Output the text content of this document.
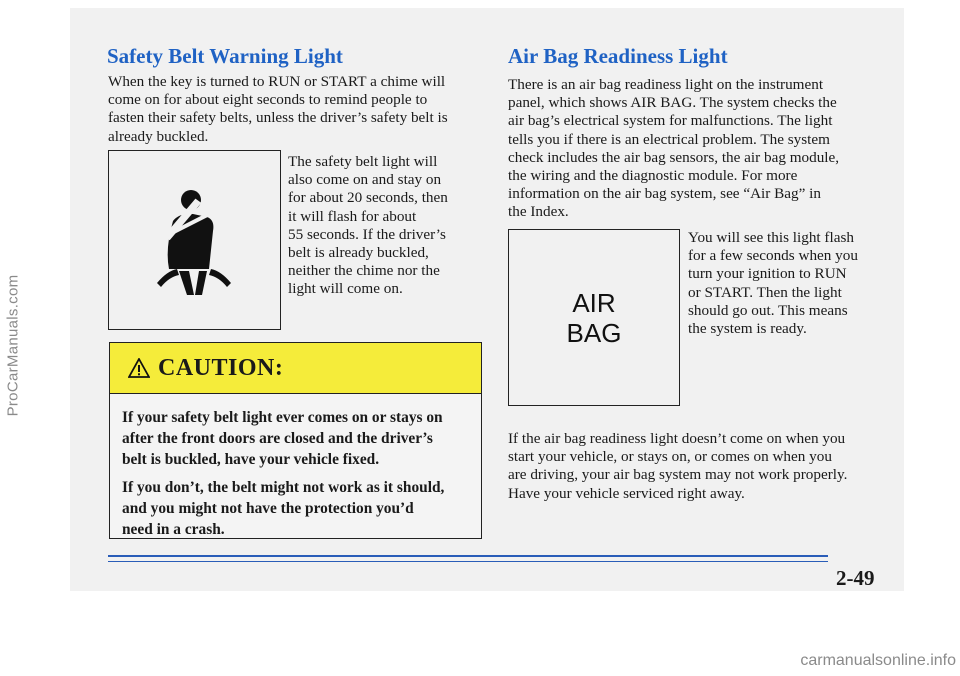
ProCarManuals.com
Safety Belt Warning Light
When the key is turned to RUN or START a chime will
come on for about eight seconds to remind people to
fasten their safety belts, unless the driver’s safety belt is
already buckled.
The safety belt light will
also come on and stay on
for about 20 seconds, then
it will flash for about
55 seconds. If the driver’s
belt is already buckled,
neither the chime nor the
light will come on.
CAUTION:

If your safety belt light ever comes on or stays on
after the front doors are closed and the driver’s
belt is buckled, have your vehicle fixed.

If you don’t, the belt might not work as it should,
and you might not have the protection you’d
need in a crash.

Air Bag Readiness Light
There is an air bag readiness light on the instrument
panel, which shows AIR BAG. The system checks the
air bag’s electrical system for malfunctions. The light
tells you if there is an electrical problem. The system
check includes the air bag sensors, the air bag module,
the wiring and the diagnostic module. For more
information on the air bag system, see “Air Bag” in
the Index.
AIR
BAG
You will see this light flash
for a few seconds when you
turn your ignition to RUN
or START. Then the light
should go out. This means
the system is ready.
If the air bag readiness light doesn’t come on when you
start your vehicle, or stays on, or comes on when you
are driving, your air bag system may not work properly.
Have your vehicle serviced right away.
2-49
carmanualsonline.info
